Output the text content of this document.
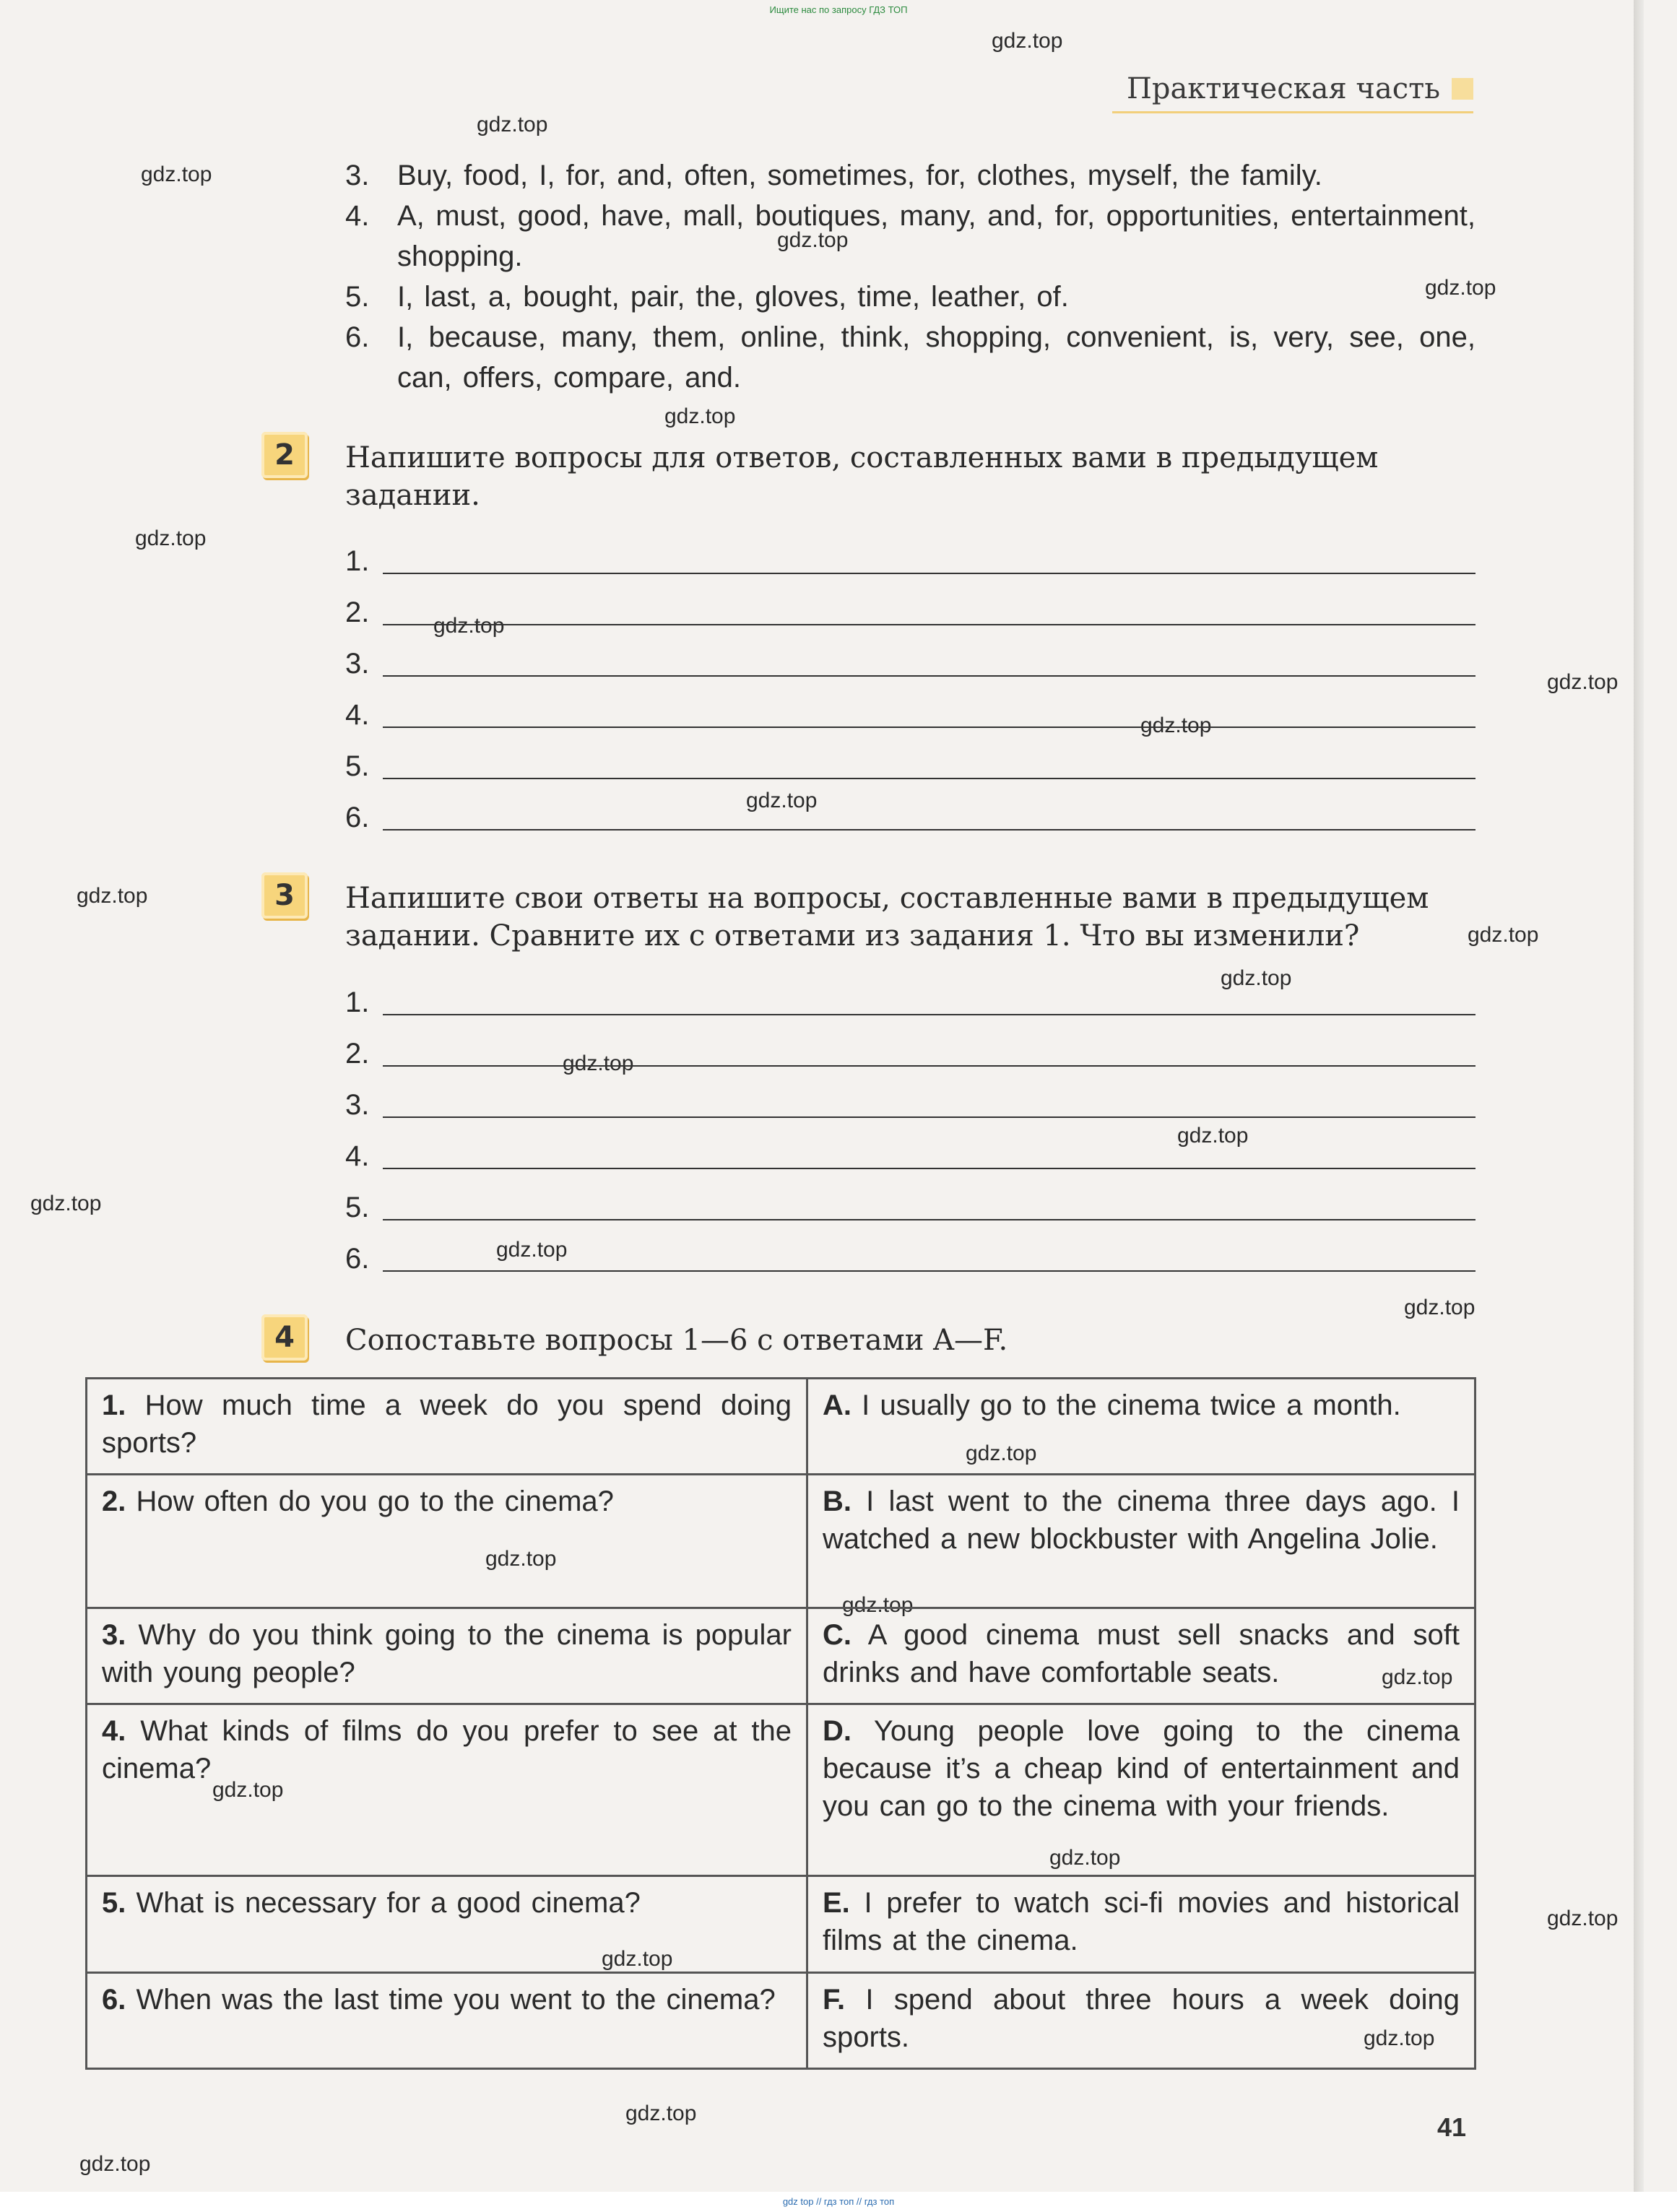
Ищите нас по запросу ГДЗ ТОП
Практическая часть
gdz.top
gdz.top
gdz.top
gdz.top
gdz.top
gdz.top
gdz.top
gdz.top
gdz.top
gdz.top
gdz.top
gdz.top
gdz.top
gdz.top
gdz.top
gdz.top
gdz.top
gdz.top
gdz.top
gdz.top
gdz.top
gdz.top
gdz.top
gdz.top
gdz.top
gdz.top
gdz.top
gdz.top
gdz.top
gdz.top
3. Buy, food, I, for, and, often, sometimes, for, clothes, myself, the family.
4. A, must, good, have, mall, boutiques, many, and, for, opportunities, entertainment, shopping.
5. I, last, a, bought, pair, the, gloves, time, leather, of.
6. I, because, many, them, online, think, shopping, convenient, is, very, see, one, can, offers, compare, and.
2	Напишите вопросы для ответов, составленных вами в предыдущем задании.
1.
2.
3.
4.
5.
6.
3	Напишите свои ответы на вопросы, составленные вами в предыдущем задании. Сравните их с ответами из задания 1. Что вы изменили?
1.
2.
3.
4.
5.
6.
4	Сопоставьте вопросы 1—6 с ответами A—F.
1. How much time a week do you spend doing sports?	A. I usually go to the cinema twice a month.
2. How often do you go to the cinema?	B. I last went to the cinema three days ago. I watched a new blockbuster with Angelina Jolie.
3. Why do you think going to the cinema is popular with young people?	C. A good cinema must sell snacks and soft drinks and have comfortable seats.
4. What kinds of films do you prefer to see at the cinema?	D. Young people love going to the cinema because it’s a cheap kind of entertainment and you can go to the cinema with your friends.
5. What is necessary for a good cinema?	E. I prefer to watch sci-fi movies and historical films at the cinema.
6. When was the last time you went to the cinema?	F. I spend about three hours a week doing sports.
41
gdz top // гдз топ // гдз топ
